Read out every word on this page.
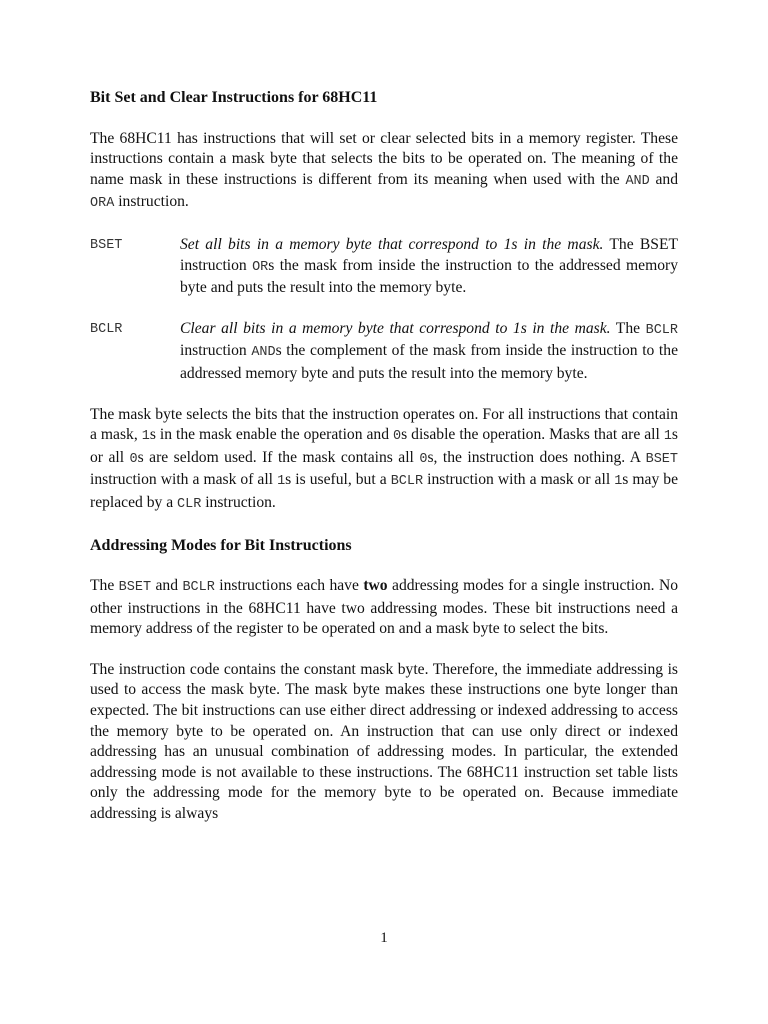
Bit Set and Clear Instructions for 68HC11

The 68HC11 has instructions that will set or clear selected bits in a memory register. These instructions contain a mask byte that selects the bits to be operated on. The meaning of the name mask in these instructions is different from its meaning when used with the AND and ORA instruction.

BSET	Set all bits in a memory byte that correspond to 1s in the mask. The BSET instruction ORs the mask from inside the instruction to the addressed memory byte and puts the result into the memory byte.
BCLR	Clear all bits in a memory byte that correspond to 1s in the mask. The BCLR instruction ANDs the complement of the mask from inside the instruction to the addressed memory byte and puts the result into the memory byte.

The mask byte selects the bits that the instruction operates on. For all instructions that contain a mask, 1s in the mask enable the operation and 0s disable the operation. Masks that are all 1s or all 0s are seldom used. If the mask contains all 0s, the instruction does nothing. A BSET instruction with a mask of all 1s is useful, but a BCLR instruction with a mask or all 1s may be replaced by a CLR instruction.

Addressing Modes for Bit Instructions

The BSET and BCLR instructions each have two addressing modes for a single instruction. No other instructions in the 68HC11 have two addressing modes. These bit instructions need a memory address of the register to be operated on and a mask byte to select the bits.

The instruction code contains the constant mask byte. Therefore, the immediate addressing is used to access the mask byte. The mask byte makes these instructions one byte longer than expected. The bit instructions can use either direct addressing or indexed addressing to access the memory byte to be operated on. An instruction that can use only direct or indexed addressing has an unusual combination of addressing modes. In particular, the extended addressing mode is not available to these instructions. The 68HC11 instruction set table lists only the addressing mode for the memory byte to be operated on. Because immediate addressing is always

1
